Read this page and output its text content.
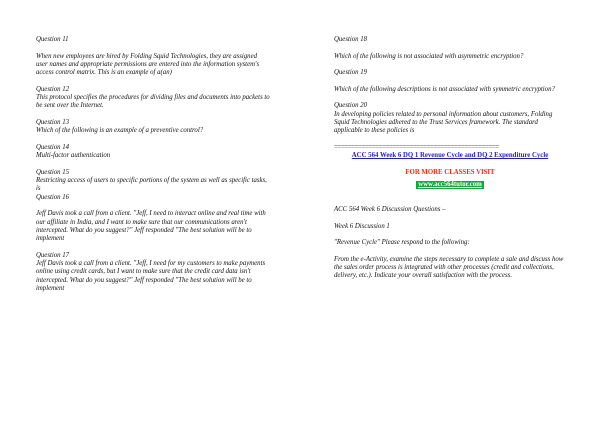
Question 11

When new employees are hired by Folding Squid Technologies, they are assigned user names and appropriate permissions are entered into the information system's access control matrix. This is an example of a(an)

Question 12

This protocol specifies the procedures for dividing files and documents into packets to be sent over the Internet.

Question 13

Which of the following is an example of a preventive control?

Question 14

Multi-factor authentication

Question 15

Restricting access of users to specific portions of the system as well as specific tasks, is

Question 16

Jeff Davis took a call from a client. "Jeff, I need to interact online and real time with our affiliate in India, and I want to make sure that our communications aren't intercepted. What do you suggest?" Jeff responded "The best solution will be to implement

Question 17

Jeff Davis took a call from a client. "Jeff, I need for my customers to make payments online using credit cards, but I want to make sure that the credit card data isn't intercepted. What do you suggest?" Jeff responded "The best solution will be to implement

Question 18

Which of the following is not associated with asymmetric encryption?

Question 19

Which of the following descriptions is not associated with symmetric encryption?

Question 20

In developing policies related to personal information about customers, Folding Squid Technologies adhered to the Trust Services framework. The standard applicable to these policies is

================================================

ACC 564 Week 6 DQ 1 Revenue Cycle and DQ 2 Expenditure Cycle
FOR MORE CLASSES VISIT
www.acc564tutor.com

ACC 564 Week 6 Discussion Questions –

Week 6 Discussion 1

"Revenue Cycle" Please respond to the following:

From the e-Activity, examine the steps necessary to complete a sale and discuss how the sales order process is integrated with other processes (credit and collections, delivery, etc.). Indicate your overall satisfaction with the process.
